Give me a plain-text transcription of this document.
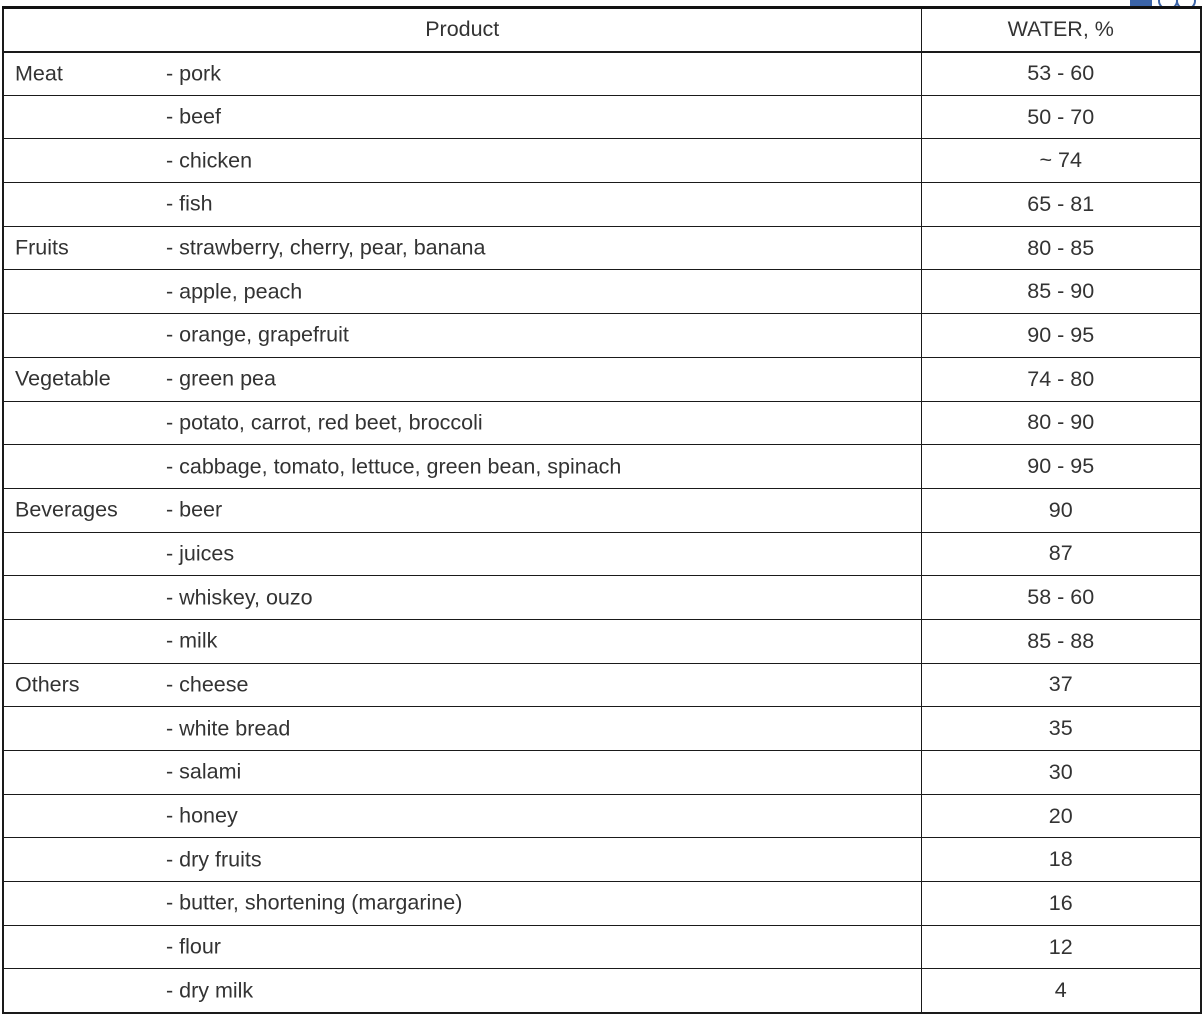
Product	WATER, %

Meat - pork	53 - 60

- beef	50 - 70

- chicken	~ 74

- fish	65 - 81

Fruits - strawberry, cherry, pear, banana	80 - 85

- apple, peach	85 - 90

- orange, grapefruit	90 - 95

Vegetable - green pea	74 - 80

- potato, carrot, red beet, broccoli	80 - 90

- cabbage, tomato, lettuce, green bean, spinach	90 - 95

Beverages - beer	90

- juices	87

- whiskey, ouzo	58 - 60

- milk	85 - 88

Others - cheese	37

- white bread	35

- salami	30

- honey	20

- dry fruits	18

- butter, shortening (margarine)	16

- flour	12

- dry milk	4
